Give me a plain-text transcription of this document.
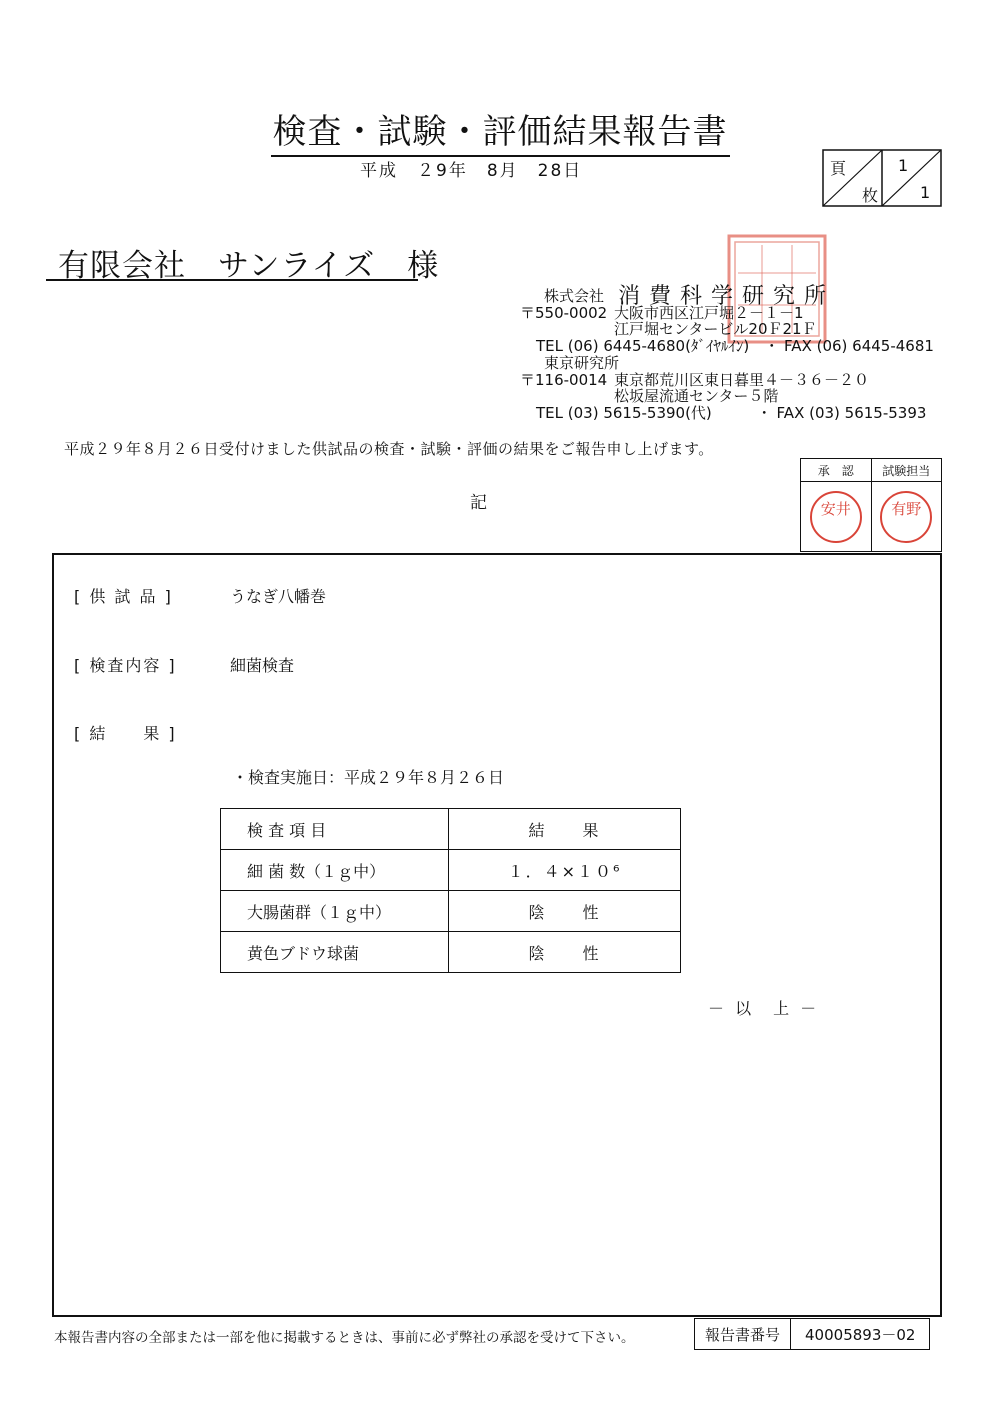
検査・試験・評価結果報告書
平成　２9年　8月　28日	頁
枚
1
1
有限会社　サンライズ　様
株式会社 消費科学研究所
〒550-0002 大阪市西区江戸堀２－１－1
江戸堀センタービル20Ｆ21Ｆ
TEL (06) 6445-4680(ﾀﾞｲﾔﾙｲﾝ)　・ FAX (06) 6445-4681
東京研究所
〒116-0014 東京都荒川区東日暮里４－３６－２０
松坂屋流通センター５階
TEL (03) 5615-5390(代)　　　・ FAX (03) 5615-5393
平成２９年８月２６日受付けました供試品の検査・試験・評価の結果をご報告申し上げます。
記
承　認	試験担当
安井	有野
[ 供 試 品 ]	うなぎ八幡巻
[ 検査内容 ]	細菌検査
[ 結　　果 ]
・検査実施日：平成２９年８月２６日
検 査 項 目	結　　果
細 菌 数（１ｇ中）	１．４×１０⁶
大腸菌群（１ｇ中）	陰　　性
黄色ブドウ球菌	陰　　性
－ 以　上 －
本報告書内容の全部または一部を他に掲載するときは、事前に必ず弊社の承認を受けて下さい。	報告書番号	40005893－02
